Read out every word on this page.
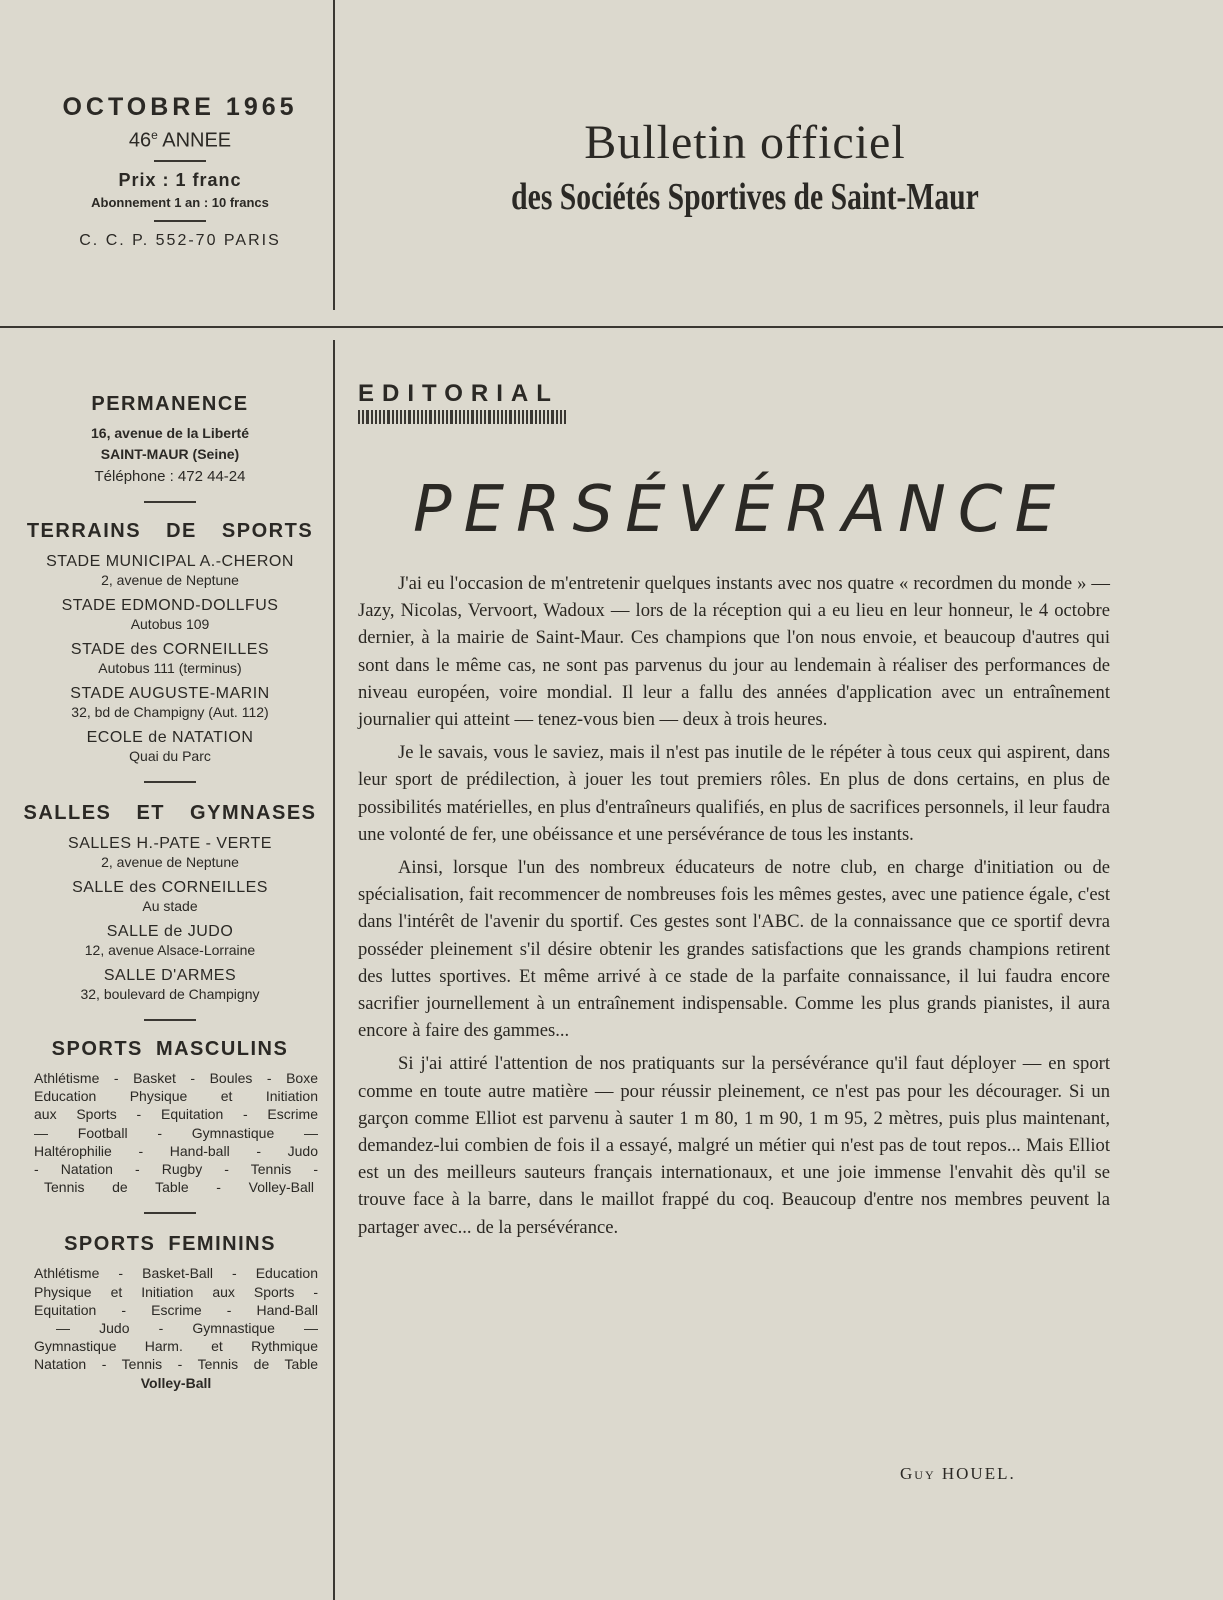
OCTOBRE 1965
46e ANNEE
Prix : 1 franc
Abonnement 1 an : 10 francs
C. C. P. 552-70 PARIS
Bulletin officiel
des Sociétés Sportives de Saint-Maur
PERMANENCE
16, avenue de la Liberté
SAINT-MAUR (Seine)
Téléphone : 472 44-24
TERRAINS DE SPORTS
STADE MUNICIPAL A.-CHERON
2, avenue de Neptune
STADE EDMOND-DOLLFUS
Autobus 109
STADE des CORNEILLES
Autobus 111 (terminus)
STADE AUGUSTE-MARIN
32, bd de Champigny (Aut. 112)
ECOLE de NATATION
Quai du Parc
SALLES ET GYMNASES
SALLES H.-PATE - VERTE
2, avenue de Neptune
SALLE des CORNEILLES
Au stade
SALLE de JUDO
12, avenue Alsace-Lorraine
SALLE D'ARMES
32, boulevard de Champigny
SPORTS MASCULINS
Athlétisme - Basket - Boules - Boxe
Education Physique et Initiation
aux Sports - Equitation - Escrime
— Football - Gymnastique —
Haltérophilie - Hand-ball - Judo
- Natation - Rugby - Tennis -
Tennis de Table - Volley-Ball
SPORTS FEMININS
Athlétisme - Basket-Ball - Education
Physique et Initiation aux Sports -
Equitation - Escrime - Hand-Ball
— Judo - Gymnastique —
Gymnastique Harm. et Rythmique
Natation - Tennis - Tennis de Table
Volley-Ball
EDITORIAL
PERSÉVÉRANCE

J'ai eu l'occasion de m'entretenir quelques instants avec nos quatre « recordmen du monde » — Jazy, Nicolas, Vervoort, Wadoux — lors de la réception qui a eu lieu en leur honneur, le 4 octobre dernier, à la mairie de Saint-Maur. Ces champions que l'on nous envoie, et beaucoup d'autres qui sont dans le même cas, ne sont pas parvenus du jour au lendemain à réaliser des performances de niveau européen, voire mondial. Il leur a fallu des années d'application avec un entraînement journalier qui atteint — tenez-vous bien — deux à trois heures.

Je le savais, vous le saviez, mais il n'est pas inutile de le répéter à tous ceux qui aspirent, dans leur sport de prédilection, à jouer les tout premiers rôles. En plus de dons certains, en plus de possibilités matérielles, en plus d'entraîneurs qualifiés, en plus de sacrifices personnels, il leur faudra une volonté de fer, une obéissance et une persévérance de tous les instants.

Ainsi, lorsque l'un des nombreux éducateurs de notre club, en charge d'initiation ou de spécialisation, fait recommencer de nombreuses fois les mêmes gestes, avec une patience égale, c'est dans l'intérêt de l'avenir du sportif. Ces gestes sont l'ABC. de la connaissance que ce sportif devra posséder pleinement s'il désire obtenir les grandes satisfactions que les grands champions retirent des luttes sportives. Et même arrivé à ce stade de la parfaite connaissance, il lui faudra encore sacrifier journellement à un entraînement indispensable. Comme les plus grands pianistes, il aura encore à faire des gammes...

Si j'ai attiré l'attention de nos pratiquants sur la persévérance qu'il faut déployer — en sport comme en toute autre matière — pour réussir pleinement, ce n'est pas pour les décourager. Si un garçon comme Elliot est parvenu à sauter 1 m 80, 1 m 90, 1 m 95, 2 mètres, puis plus maintenant, demandez-lui combien de fois il a essayé, malgré un métier qui n'est pas de tout repos... Mais Elliot est un des meilleurs sauteurs français internationaux, et une joie immense l'envahit dès qu'il se trouve face à la barre, dans le maillot frappé du coq. Beaucoup d'entre nos membres peuvent la partager avec... de la persévérance.

Guy HOUEL.
